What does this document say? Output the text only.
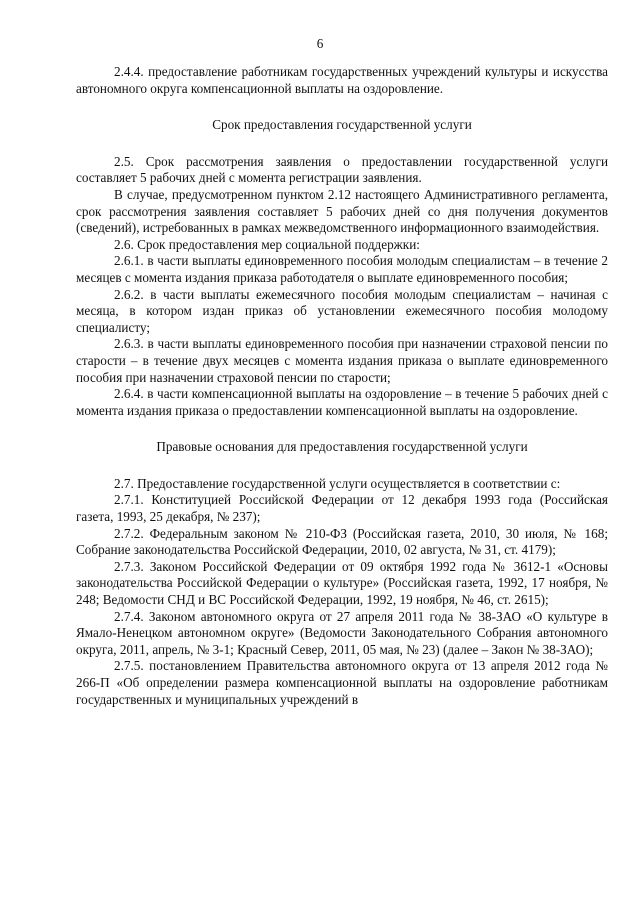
6

2.4.4. предоставление работникам государственных учреждений культуры и искусства автономного округа компенсационной выплаты на оздоровление.

Срок предоставления государственной услуги

2.5. Срок рассмотрения заявления о предоставлении государственной услуги составляет 5 рабочих дней с момента регистрации заявления.

В случае, предусмотренном пунктом 2.12 настоящего Административного регламента, срок рассмотрения заявления составляет 5 рабочих дней со дня получения документов (сведений), истребованных в рамках межведомственного информационного взаимодействия.

2.6. Срок предоставления мер социальной поддержки:

2.6.1. в части выплаты единовременного пособия молодым специалистам – в течение 2 месяцев с момента издания приказа работодателя о выплате единовременного пособия;

2.6.2. в части выплаты ежемесячного пособия молодым специалистам – начиная с месяца, в котором издан приказ об установлении ежемесячного пособия молодому специалисту;

2.6.3. в части выплаты единовременного пособия при назначении страховой пенсии по старости – в течение двух месяцев с момента издания приказа о выплате единовременного пособия при назначении страховой пенсии по старости;

2.6.4. в части компенсационной выплаты на оздоровление – в течение 5 рабочих дней с момента издания приказа о предоставлении компенсационной выплаты на оздоровление.

Правовые основания для предоставления государственной услуги

2.7. Предоставление государственной услуги осуществляется в соответствии с:

2.7.1. Конституцией Российской Федерации от 12 декабря 1993 года (Российская газета, 1993, 25 декабря, № 237);

2.7.2. Федеральным законом № 210-ФЗ (Российская газета, 2010, 30 июля, № 168; Собрание законодательства Российской Федерации, 2010, 02 августа, № 31, ст. 4179);

2.7.3. Законом Российской Федерации от 09 октября 1992 года № 3612-1 «Основы законодательства Российской Федерации о культуре» (Российская газета, 1992, 17 ноября, № 248; Ведомости СНД и ВС Российской Федерации, 1992, 19 ноября, № 46, ст. 2615);

2.7.4. Законом автономного округа от 27 апреля 2011 года № 38-ЗАО «О культуре в Ямало-Ненецком автономном округе» (Ведомости Законодательного Собрания автономного округа, 2011, апрель, № 3-1; Красный Север, 2011, 05 мая, № 23) (далее – Закон № 38-ЗАО);

2.7.5. постановлением Правительства автономного округа от 13 апреля 2012 года № 266-П «Об определении размера компенсационной выплаты на оздоровление работникам государственных и муниципальных учреждений в
